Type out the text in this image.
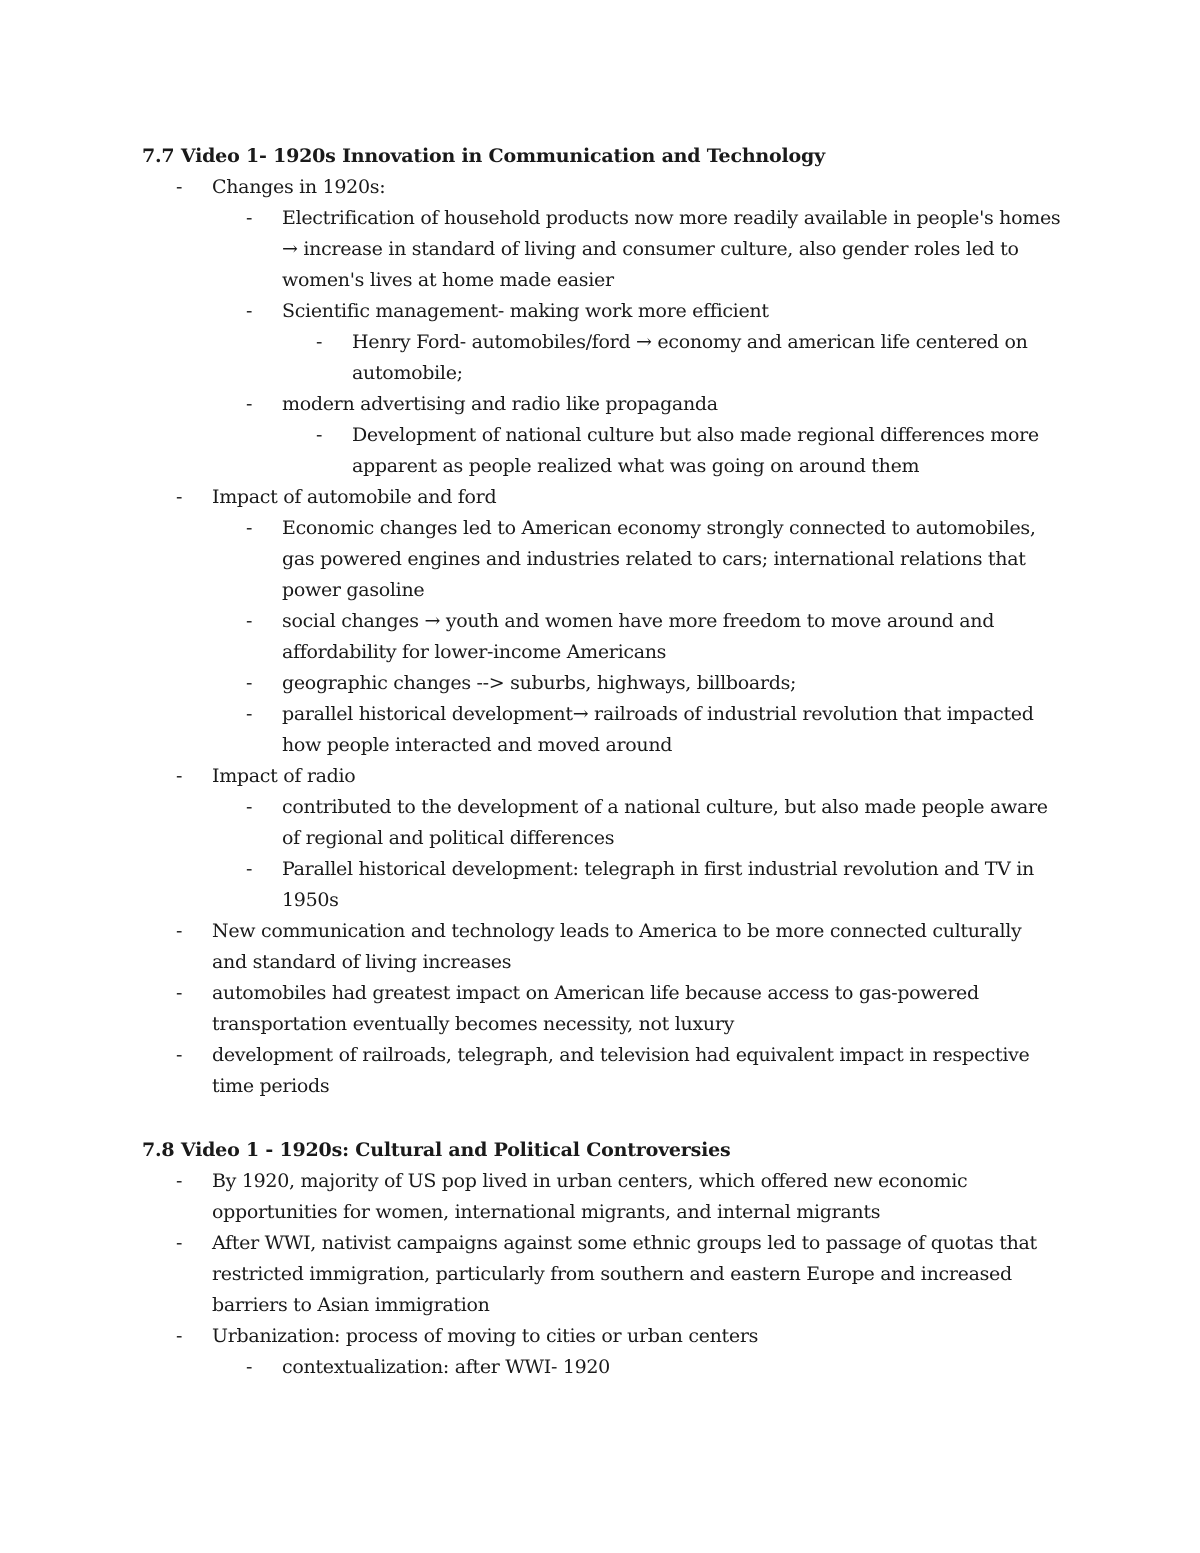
7.7 Video 1- 1920s Innovation in Communication and Technology
- Changes in 1920s:
- Electrification of household products now more readily available in people's homes → increase in standard of living and consumer culture, also gender roles led to women's lives at home made easier
- Scientific management- making work more efficient
- Henry Ford- automobiles/ford → economy and american life centered on automobile;
- modern advertising and radio like propaganda
- Development of national culture but also made regional differences more apparent as people realized what was going on around them
- Impact of automobile and ford
- Economic changes led to American economy strongly connected to automobiles, gas powered engines and industries related to cars; international relations that power gasoline
- social changes → youth and women have more freedom to move around and affordability for lower-income Americans
- geographic changes --> suburbs, highways, billboards;
- parallel historical development→ railroads of industrial revolution that impacted how people interacted and moved around
- Impact of radio
- contributed to the development of a national culture, but also made people aware of regional and political differences
- Parallel historical development: telegraph in first industrial revolution and TV in 1950s
- New communication and technology leads to America to be more connected culturally and standard of living increases
- automobiles had greatest impact on American life because access to gas-powered transportation eventually becomes necessity, not luxury
- development of railroads, telegraph, and television had equivalent impact in respective time periods
7.8 Video 1 - 1920s: Cultural and Political Controversies
- By 1920, majority of US pop lived in urban centers, which offered new economic opportunities for women, international migrants, and internal migrants
- After WWI, nativist campaigns against some ethnic groups led to passage of quotas that restricted immigration, particularly from southern and eastern Europe and increased barriers to Asian immigration
- Urbanization: process of moving to cities or urban centers
- contextualization: after WWI- 1920
